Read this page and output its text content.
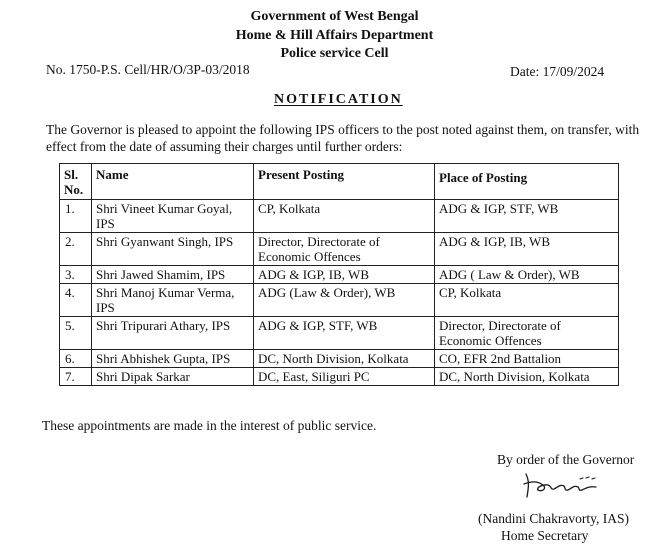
Government of West Bengal
Home & Hill Affairs Department
Police service Cell
No. 1750-P.S. Cell/HR/O/3P-03/2018	Date: 17/09/2024
NOTIFICATION
The Governor is pleased to appoint the following IPS officers to the post noted against them, on transfer, with
effect from the date of assuming their charges until further orders:
Sl.
No.	Name	Present Posting	Place of Posting

1.	Shri Vineet Kumar Goyal,
IPS	CP, Kolkata	ADG & IGP, STF, WB

2.	Shri Gyanwant Singh, IPS	Director, Directorate of
Economic Offences	ADG & IGP, IB, WB

3.	Shri Jawed Shamim, IPS	ADG & IGP, IB, WB	ADG ( Law & Order), WB

4.	Shri Manoj Kumar Verma,
IPS	ADG (Law & Order), WB	CP, Kolkata

5.	Shri Tripurari Athary, IPS	ADG & IGP, STF, WB	Director, Directorate of
Economic Offences

6.	Shri Abhishek Gupta, IPS	DC, North Division, Kolkata	CO, EFR 2nd Battalion

7.	Shri Dipak Sarkar	DC, East, Siliguri PC	DC, North Division, Kolkata
These appointments are made in the interest of public service.
By order of the Governor
(Nandini Chakravorty, IAS)
Home Secretary
